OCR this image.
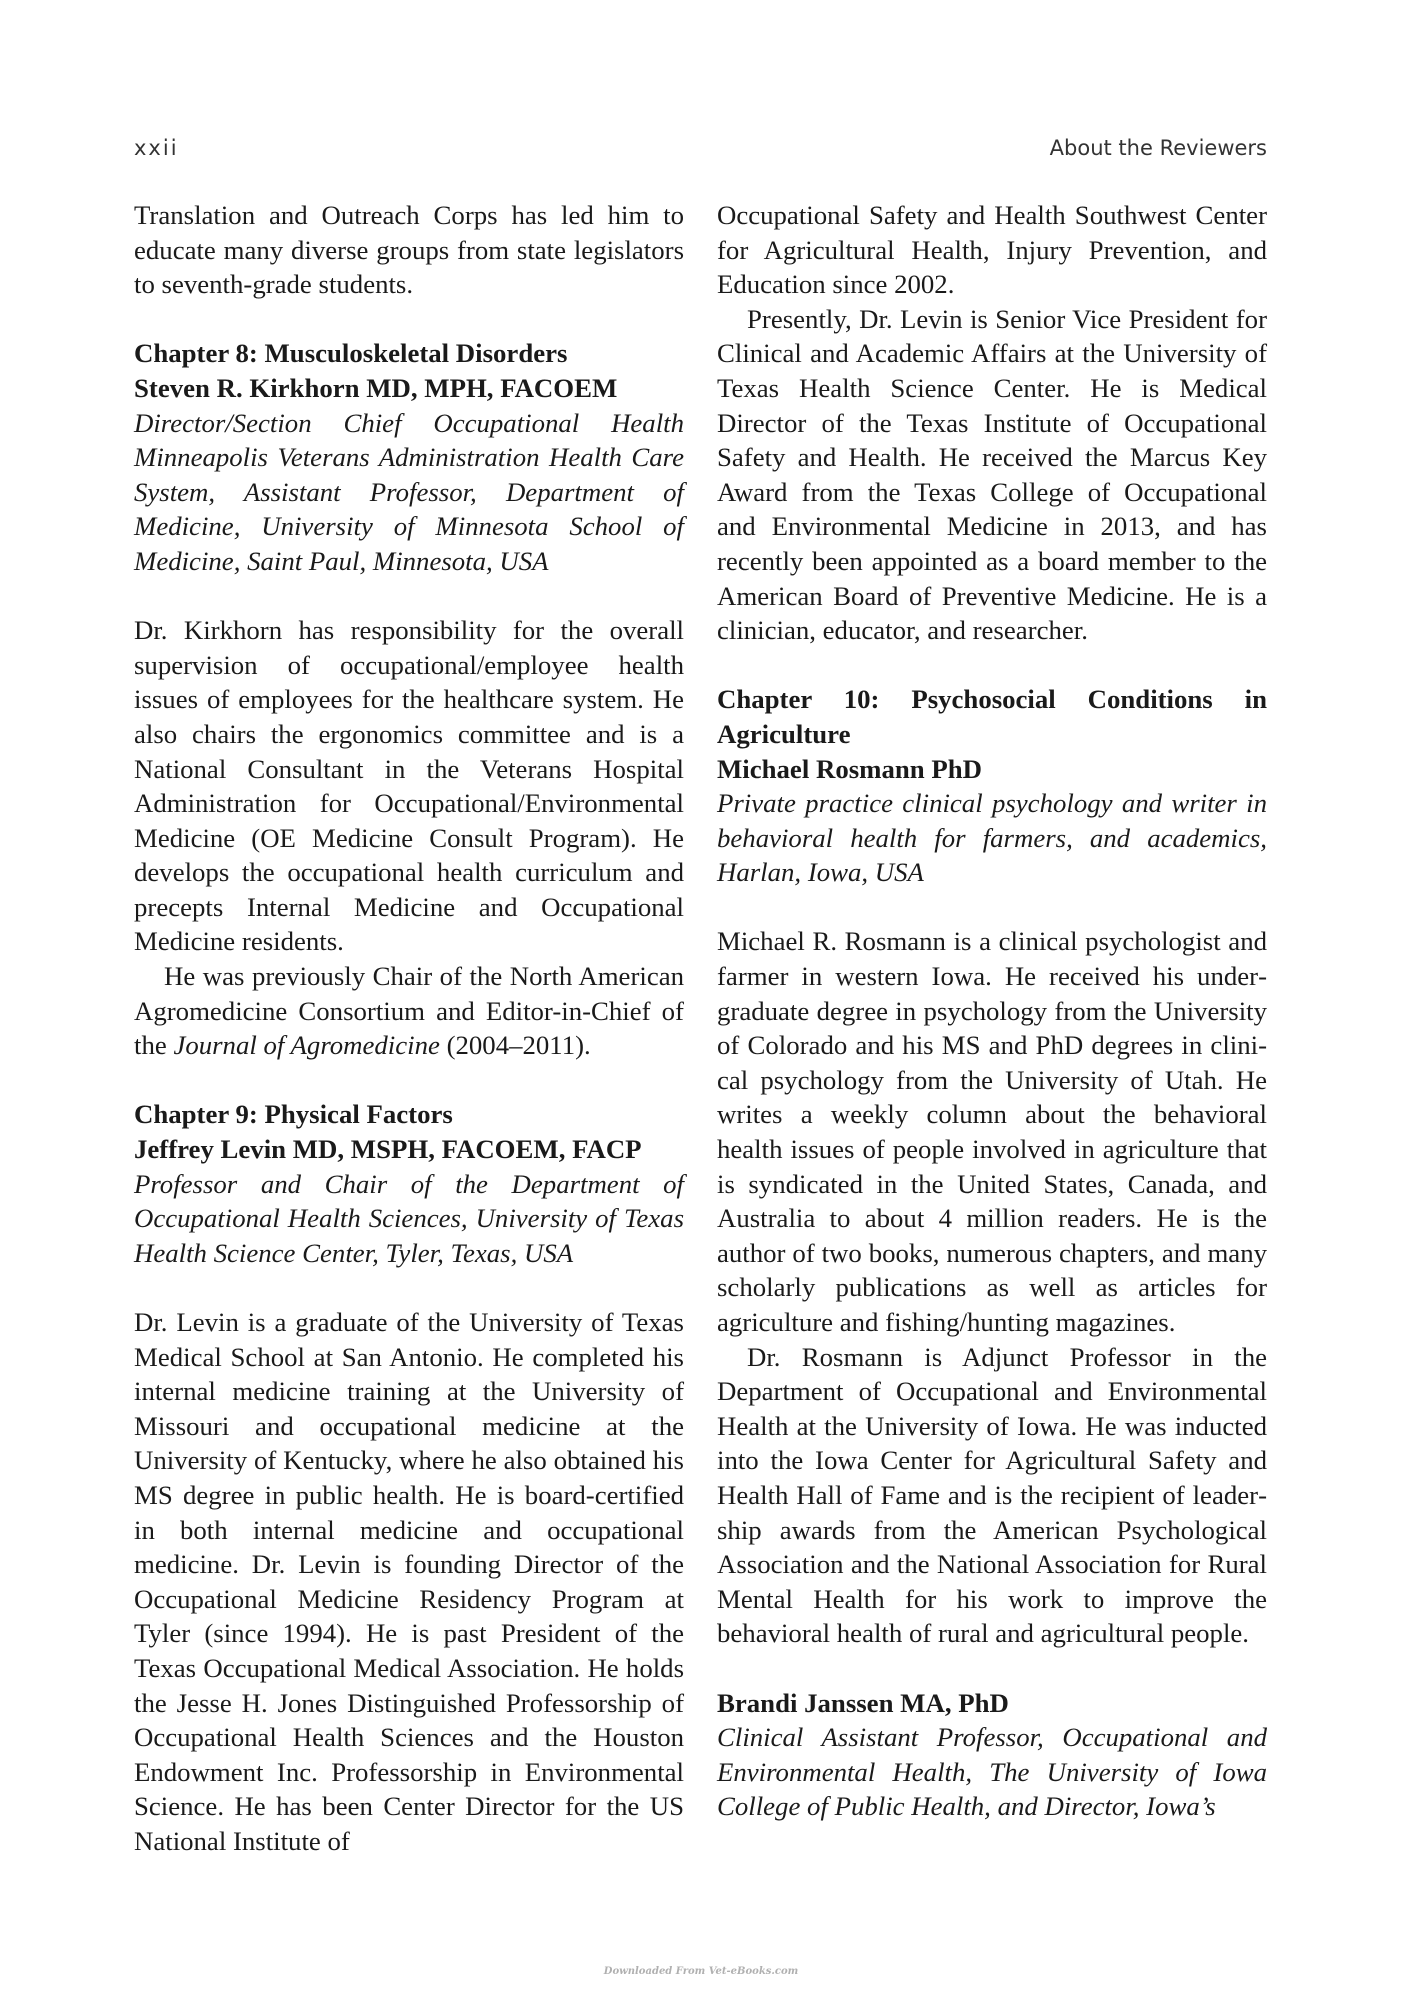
xxii	About the Reviewers

Translation and Outreach Corps has led him to educate many diverse groups from state legislators to seventh-grade students.

Chapter 8: Musculoskeletal Disorders
Steven R. Kirkhorn MD, MPH, FACOEM

Director/Section Chief Occupational Health Minneapolis Veterans Administration Health Care System, Assistant Professor, Department of Medicine, University of Minnesota School of Medicine, Saint Paul, Minnesota, USA

Dr. Kirkhorn has responsibility for the overall supervision of occupational/employee health issues of employees for the healthcare system. He also chairs the ergonomics committee and is a National Consultant in the Veterans Hospital Administration for Occupational/Environmental Medicine (OE Medicine Consult Program). He develops the occupational health curriculum and precepts Internal Medicine and Occupational Medicine residents.

He was previously Chair of the North American Agromedicine Consortium and Editor-in-Chief of the Journal of Agromedicine (2004–2011).

Chapter 9: Physical Factors
Jeffrey Levin MD, MSPH, FACOEM, FACP

Professor and Chair of the Department of Occupational Health Sciences, University of Texas Health Science Center, Tyler, Texas, USA

Dr. Levin is a graduate of the University of Texas Medical School at San Antonio. He completed his internal medicine training at the University of Missouri and occupational medicine at the University of Kentucky, where he also obtained his MS degree in public health. He is board-certified in both internal medicine and occupational medicine. Dr. Levin is founding Director of the Occupational Medicine Residency Program at Tyler (since 1994). He is past President of the Texas Occupational Medical Association. He holds the Jesse H. Jones Distinguished Professorship of Occupational Health Sciences and the Houston Endowment Inc. Professorship in Environmental Science. He has been Center Director for the US National Institute of

Occupational Safety and Health Southwest Center for Agricultural Health, Injury Prevention, and Education since 2002.

Presently, Dr. Levin is Senior Vice President for Clinical and Academic Affairs at the University of Texas Health Science Center. He is Medical Director of the Texas Institute of Occupational Safety and Health. He received the Marcus Key Award from the Texas College of Occupational and Environmental Medicine in 2013, and has recently been appointed as a board member to the American Board of Preventive Medicine. He is a clinician, educator, and researcher.

Chapter 10: Psychosocial Conditions in Agriculture

Michael Rosmann PhD

Private practice clinical psychology and writer in behavioral health for farmers, and academics, Harlan, Iowa, USA

Michael R. Rosmann is a clinical psychologist and farmer in western Iowa. He received his undergraduate degree in psychology from the University of Colorado and his MS and PhD degrees in clinical psychology from the University of Utah. He writes a weekly column about the behavioral health issues of people involved in agriculture that is syndicated in the United States, Canada, and Australia to about 4 million readers. He is the author of two books, numerous chapters, and many scholarly publications as well as articles for agriculture and fishing/hunting magazines.

Dr. Rosmann is Adjunct Professor in the Department of Occupational and Environmental Health at the University of Iowa. He was inducted into the Iowa Center for Agricultural Safety and Health Hall of Fame and is the recipient of leadership awards from the American Psychological Association and the National Association for Rural Mental Health for his work to improve the behavioral health of rural and agricultural people.

Brandi Janssen MA, PhD

Clinical Assistant Professor, Occupational and Environmental Health, The University of Iowa College of Public Health, and Director, Iowa’s

Downloaded From Vet-eBooks.com
